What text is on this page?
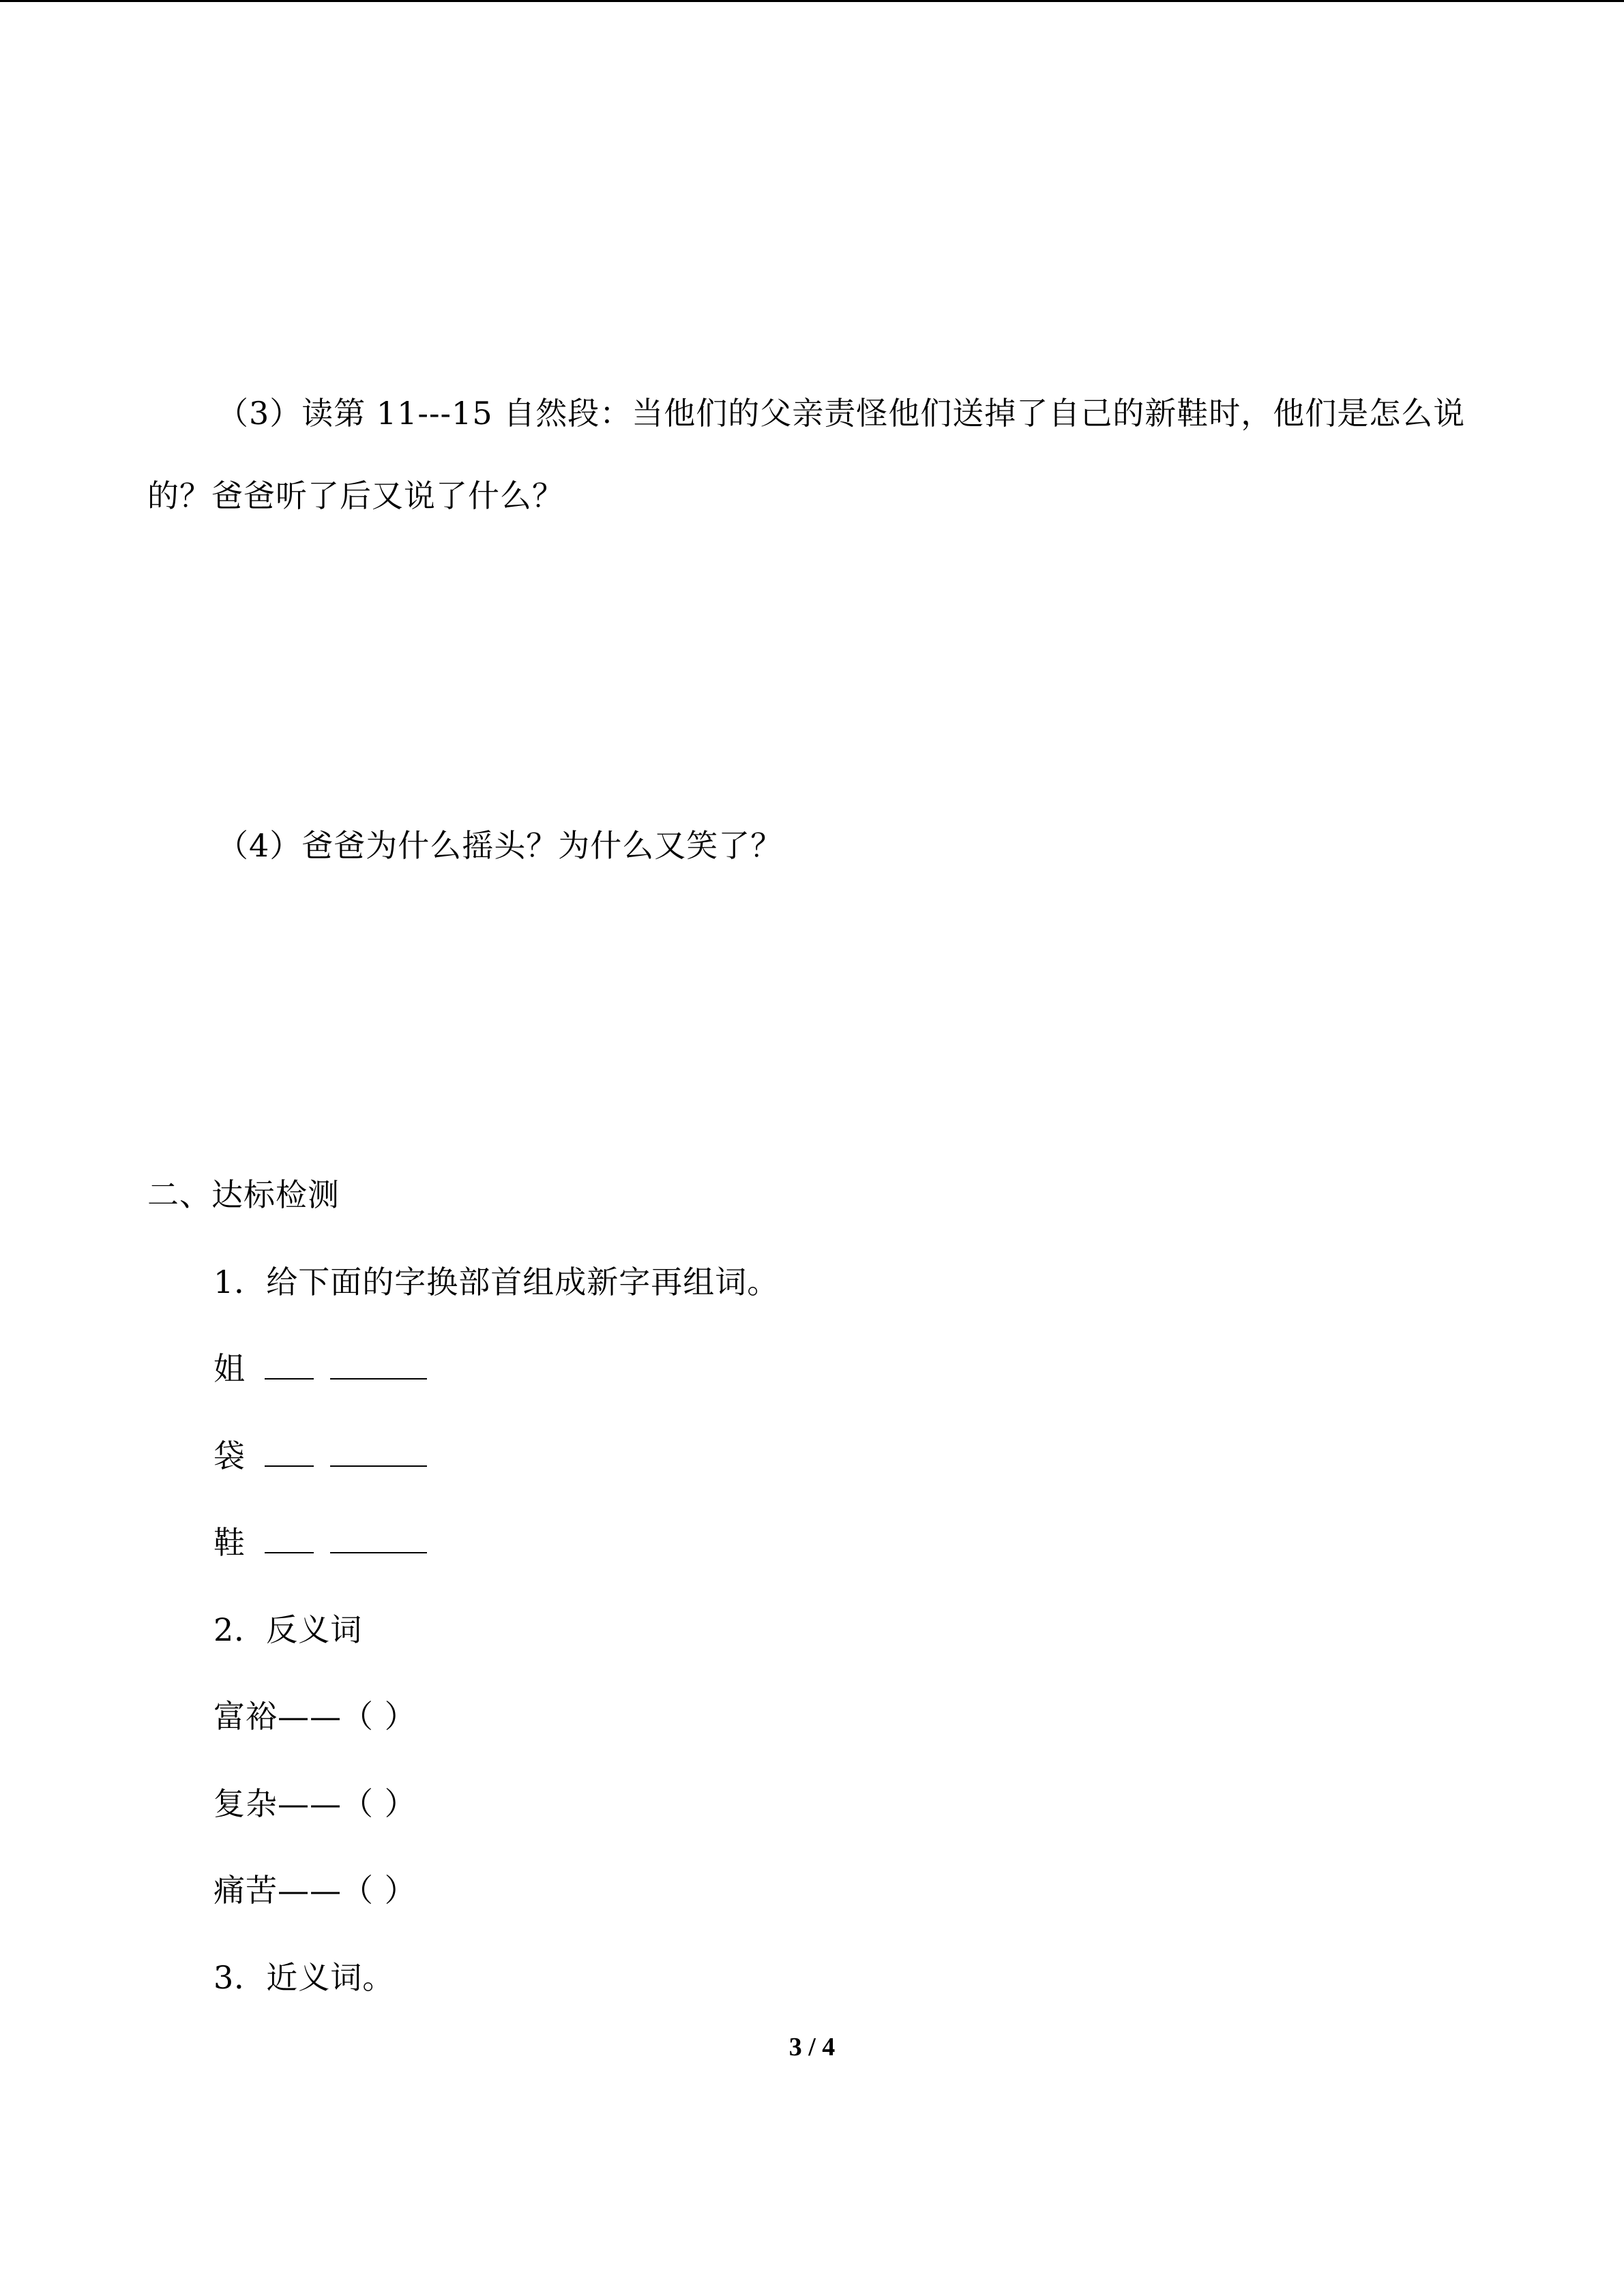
（3）读第 11---15 自然段：当他们的父亲责怪他们送掉了自己的新鞋时，他们是怎么说
的？爸爸听了后又说了什么？
（4）爸爸为什么摇头？为什么又笑了？
二、达标检测
1．给下面的字换部首组成新字再组词。
姐
袋
鞋
2．反义词
富裕——（ ）
复杂——（ ）
痛苦——（ ）
3．近义词。
3 / 4
